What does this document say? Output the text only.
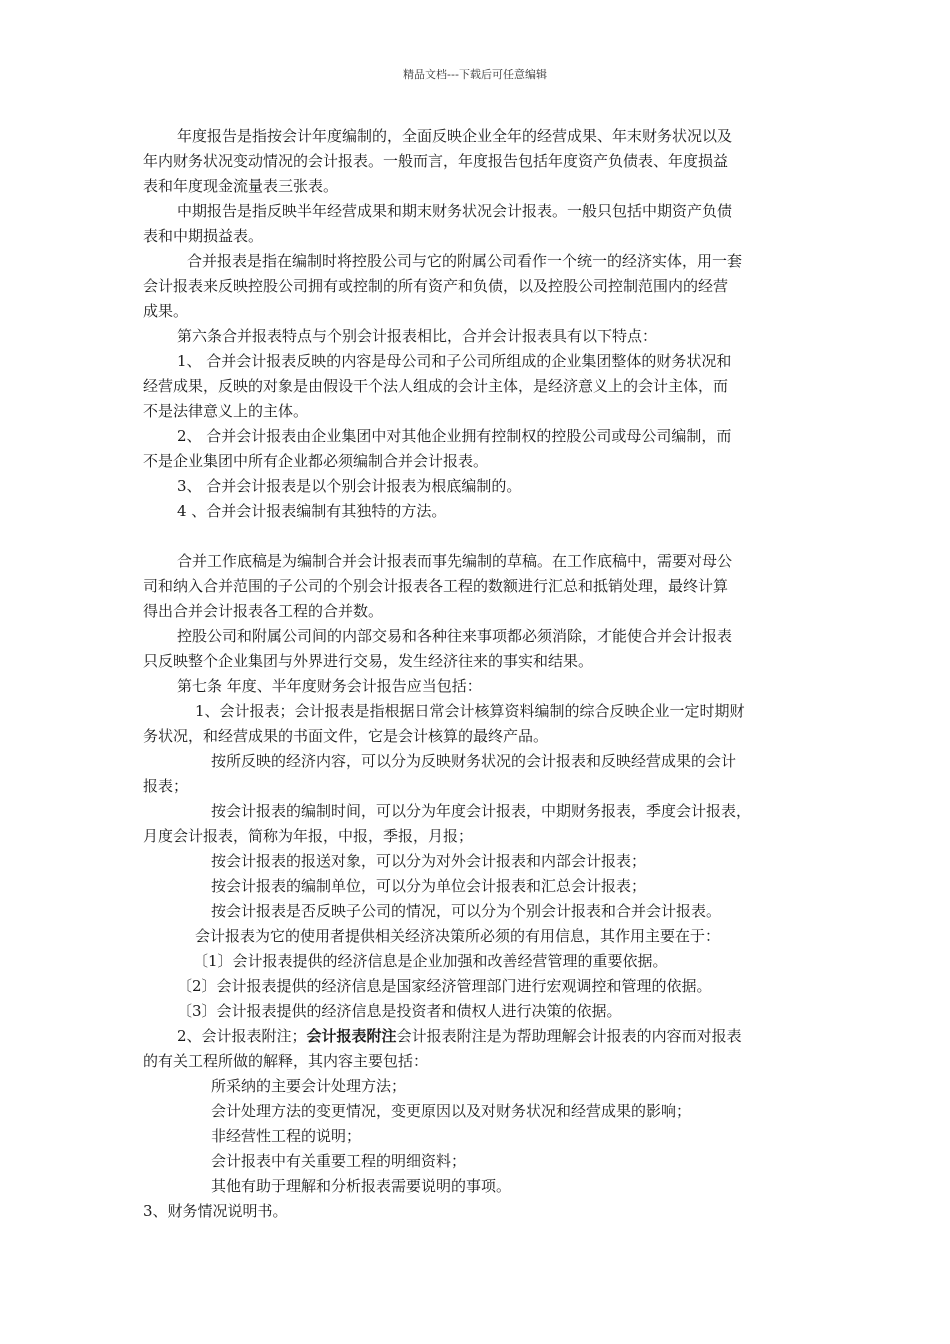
精品文档---下载后可任意编辑
年度报告是指按会计年度编制的，全面反映企业全年的经营成果、年末财务状况以及
年内财务状况变动情况的会计报表。一般而言，年度报告包括年度资产负债表、年度损益
表和年度现金流量表三张表。
中期报告是指反映半年经营成果和期末财务状况会计报表。一般只包括中期资产负债
表和中期损益表。
合并报表是指在编制时将控股公司与它的附属公司看作一个统一的经济实体，用一套
会计报表来反映控股公司拥有或控制的所有资产和负债，以及控股公司控制范围内的经营
成果。
第六条合并报表特点与个别会计报表相比，合并会计报表具有以下特点：
1、 合并会计报表反映的内容是母公司和子公司所组成的企业集团整体的财务状况和
经营成果，反映的对象是由假设干个法人组成的会计主体，是经济意义上的会计主体，而
不是法律意义上的主体。
2、 合并会计报表由企业集团中对其他企业拥有控制权的控股公司或母公司编制，而
不是企业集团中所有企业都必须编制合并会计报表。
3、 合并会计报表是以个别会计报表为根底编制的。
4 、合并会计报表编制有其独特的方法。
合并工作底稿是为编制合并会计报表而事先编制的草稿。在工作底稿中，需要对母公
司和纳入合并范围的子公司的个别会计报表各工程的数额进行汇总和抵销处理，最终计算
得出合并会计报表各工程的合并数。
控股公司和附属公司间的内部交易和各种往来事项都必须消除，才能使合并会计报表
只反映整个企业集团与外界进行交易，发生经济往来的事实和结果。
第七条 年度、半年度财务会计报告应当包括：
1、会计报表；会计报表是指根据日常会计核算资料编制的综合反映企业一定时期财
务状况，和经营成果的书面文件，它是会计核算的最终产品。
按所反映的经济内容，可以分为反映财务状况的会计报表和反映经营成果的会计
报表；
按会计报表的编制时间，可以分为年度会计报表，中期财务报表，季度会计报表，
月度会计报表，简称为年报，中报，季报，月报；
按会计报表的报送对象，可以分为对外会计报表和内部会计报表；
按会计报表的编制单位，可以分为单位会计报表和汇总会计报表；
按会计报表是否反映子公司的情况，可以分为个别会计报表和合并会计报表。
会计报表为它的使用者提供相关经济决策所必须的有用信息，其作用主要在于：
〔1〕会计报表提供的经济信息是企业加强和改善经营管理的重要依据。
〔2〕会计报表提供的经济信息是国家经济管理部门进行宏观调控和管理的依据。
〔3〕会计报表提供的经济信息是投资者和债权人进行决策的依据。
2、会计报表附注；会计报表附注会计报表附注是为帮助理解会计报表的内容而对报表
的有关工程所做的解释，其内容主要包括：
所采纳的主要会计处理方法；
会计处理方法的变更情况，变更原因以及对财务状况和经营成果的影响；
非经营性工程的说明；
会计报表中有关重要工程的明细资料；
其他有助于理解和分析报表需要说明的事项。
3、财务情况说明书。
